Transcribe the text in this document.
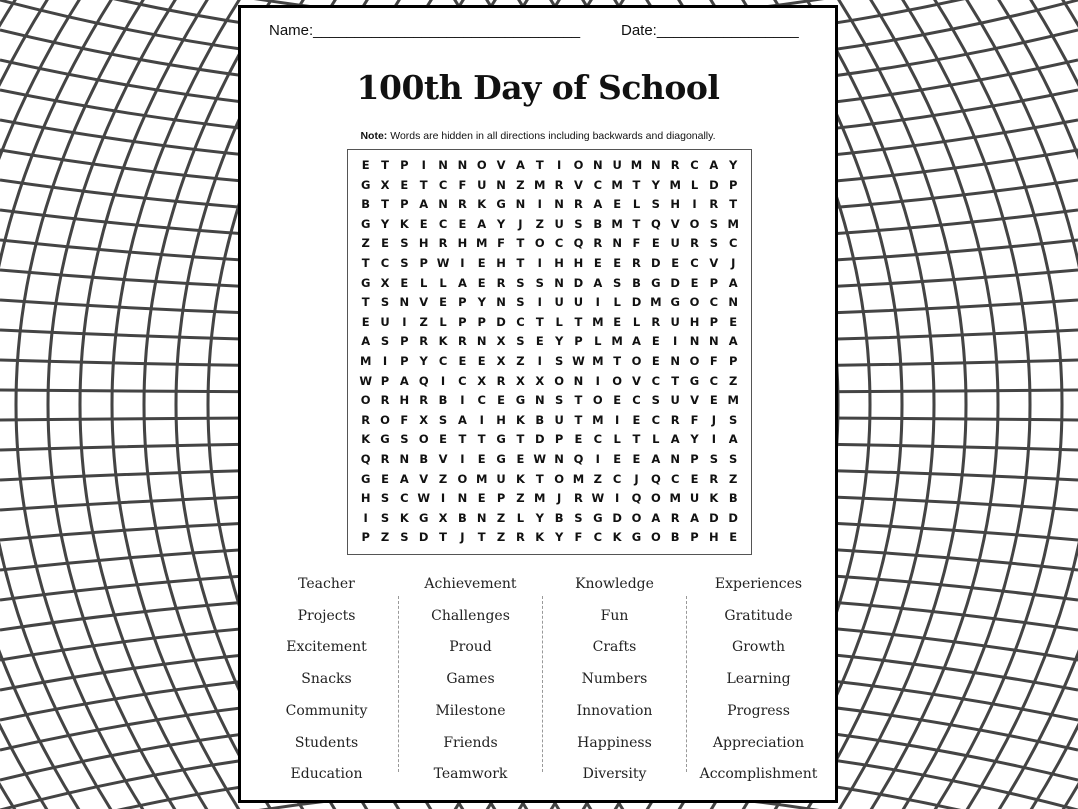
Name:________________________________	Date:_________________
100th Day of School
Note: Words are hidden in all directions including backwards and diagonally.
E T P	I	N N O V A T	I	O N U M N R C A Y
G X E T C F U N Z M R V C M T Y M L D P
B T P A N R K G N	I	N R A E	L	S H	I	R T
G Y K E C E A Y	J	Z U S B M T Q V O S M
Z E S H R H M F T O C Q R N F E U R S C
T C S P W I	E H T	I	H H E E R D E C V	J
G X E	L	L A E R S S N D A S B G D E P A
T S N V E P Y N S	I	U U	I	L D M G O C N
E U	I	Z	L P P D C T	L	T M E	L R U H P E
A S P R K R N X S E Y P L M A E	I	N N A
M I	P Y C E E X Z	I	S W M T O E N O F P
W P A Q	I	C X R X X O N	I	O V C T G C Z
O R H R B	I	C E G N S T O E C S U V E M
R O F X S A	I	H K B U T M I	E C R F	J	S
K G S O E T T G T D P E C L	T	L A Y	I	A
Q R N B V	I	E G E W N Q	I	E E A N P S S
G E A V Z O M U K T O M Z C	J	Q C E R Z
H S C W I	N E P Z M J	R W I	Q O M U K B
I	S K G X B N Z	L	Y B S G D O A R A D D
P Z S D T	J	T Z R K Y F C K G O B P H E
Teacher
Projects
Excitement
Snacks
Community
Students
Education
Achievement
Challenges
Proud
Games
Milestone
Friends
Teamwork
Knowledge
Fun
Crafts
Numbers
Innovation
Happiness
Diversity
Experiences
Gratitude
Growth
Learning
Progress
Appreciation
Accomplishment
